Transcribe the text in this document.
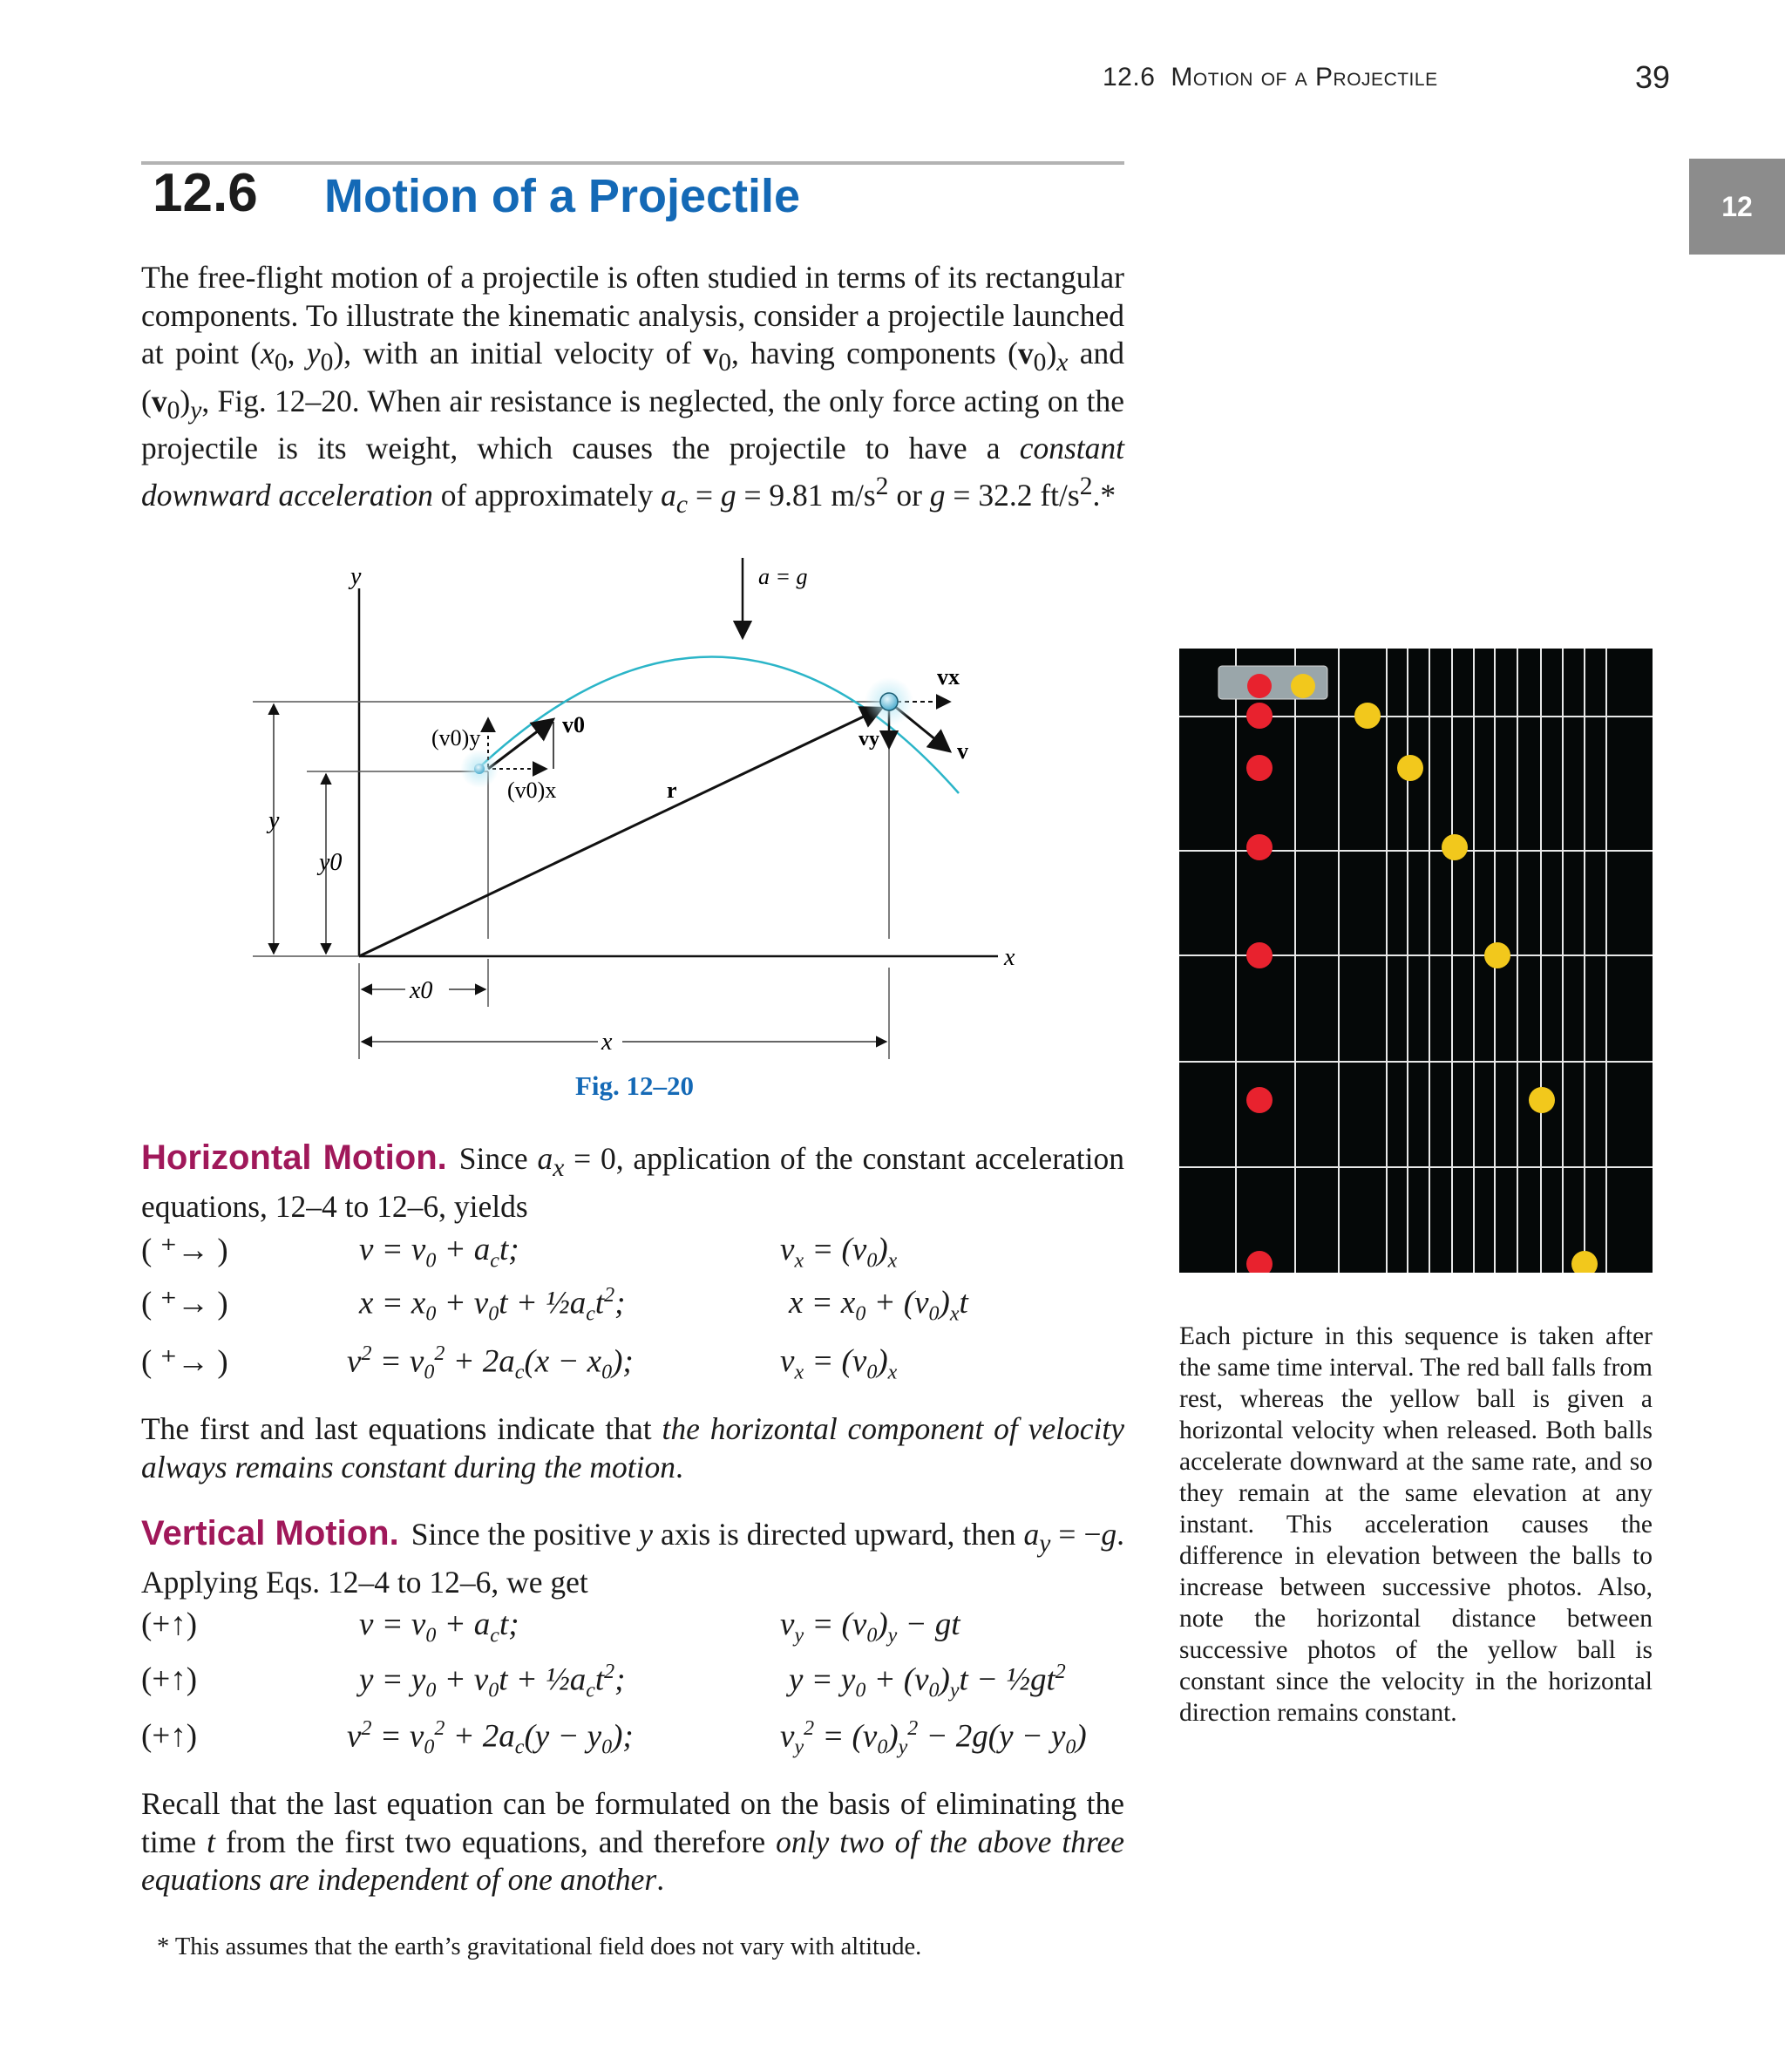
12.6 Motion of a Projectile	39
12
12.6 Motion of a Projectile
The free-flight motion of a projectile is often studied in terms of its rectangular components. To illustrate the kinematic analysis, consider a projectile launched at point ($x_0$, $y_0$), with an initial velocity of $v_0$, having components $(v_0)_x$ and $(v_0)_y$, Fig. 12–20. When air resistance is neglected, the only force acting on the projectile is its weight, which causes the projectile to have a constant downward acceleration of approximately $a_c = g = 9.81$ $m/s^2$ or g = 32.2 $ft/s^2.*$
y
x
a = g
v0
(v0)y
(v0)x	r
vx
vy	v
y
y0
x0
x
Fig. 12–20
Each picture in this sequence is taken after the same time interval. The red ball falls from rest, whereas the yellow ball is given a horizontal velocity when released. Both balls accelerate downward at the same rate, and so they remain at the same elevation at any instant. This acceleration causes the difference in elevation between the balls to increase between successive photos. Also, note the horizontal distance between successive photos of the yellow ball is constant since the velocity in the horizontal direction remains constant.
Horizontal Motion. Since $a_x = 0$, application of the constant acceleration equations, 12–4 to 12–6, yields
( ⁺→ )	$v = v_0 + a_ct$;	$v_x = (v_0)_x$
( ⁺→ )	$x = x_0 + v_0t$ + $\frac{1}{2}a_ct^2$;	$x = x_0 + (v_0)_xt$
( ⁺→ )	$v^2 = v_0^2 + 2a_c(x - x_0)$;	$v_x = (v_0)_x$
The first and last equations indicate that the horizontal component of velocity always remains constant during the motion.
Vertical Motion. Since the positive y axis is directed upward, then $a_y = -g$. Applying Eqs. 12–4 to 12–6, we get
(+↑)	$v = v_0 + a_ct$;	$v_y = (v_0)_y$ − gt
(+↑)	$y = y_0 + v_0t$ + $\frac{1}{2}a_ct^2$;	$y = y_0 + (v_0)_yt$ − $\frac{1}{2}gt^2$
(+↑)	$v^2 = v_0^2 + 2a_c(y - y_0)$;	$v_y^2 = (v_0)_y^2 - 2g(y - y_0)$
Recall that the last equation can be formulated on the basis of eliminating the time t from the first two equations, and therefore only two of the above three equations are independent of one another.
* This assumes that the earth’s gravitational field does not vary with altitude.
